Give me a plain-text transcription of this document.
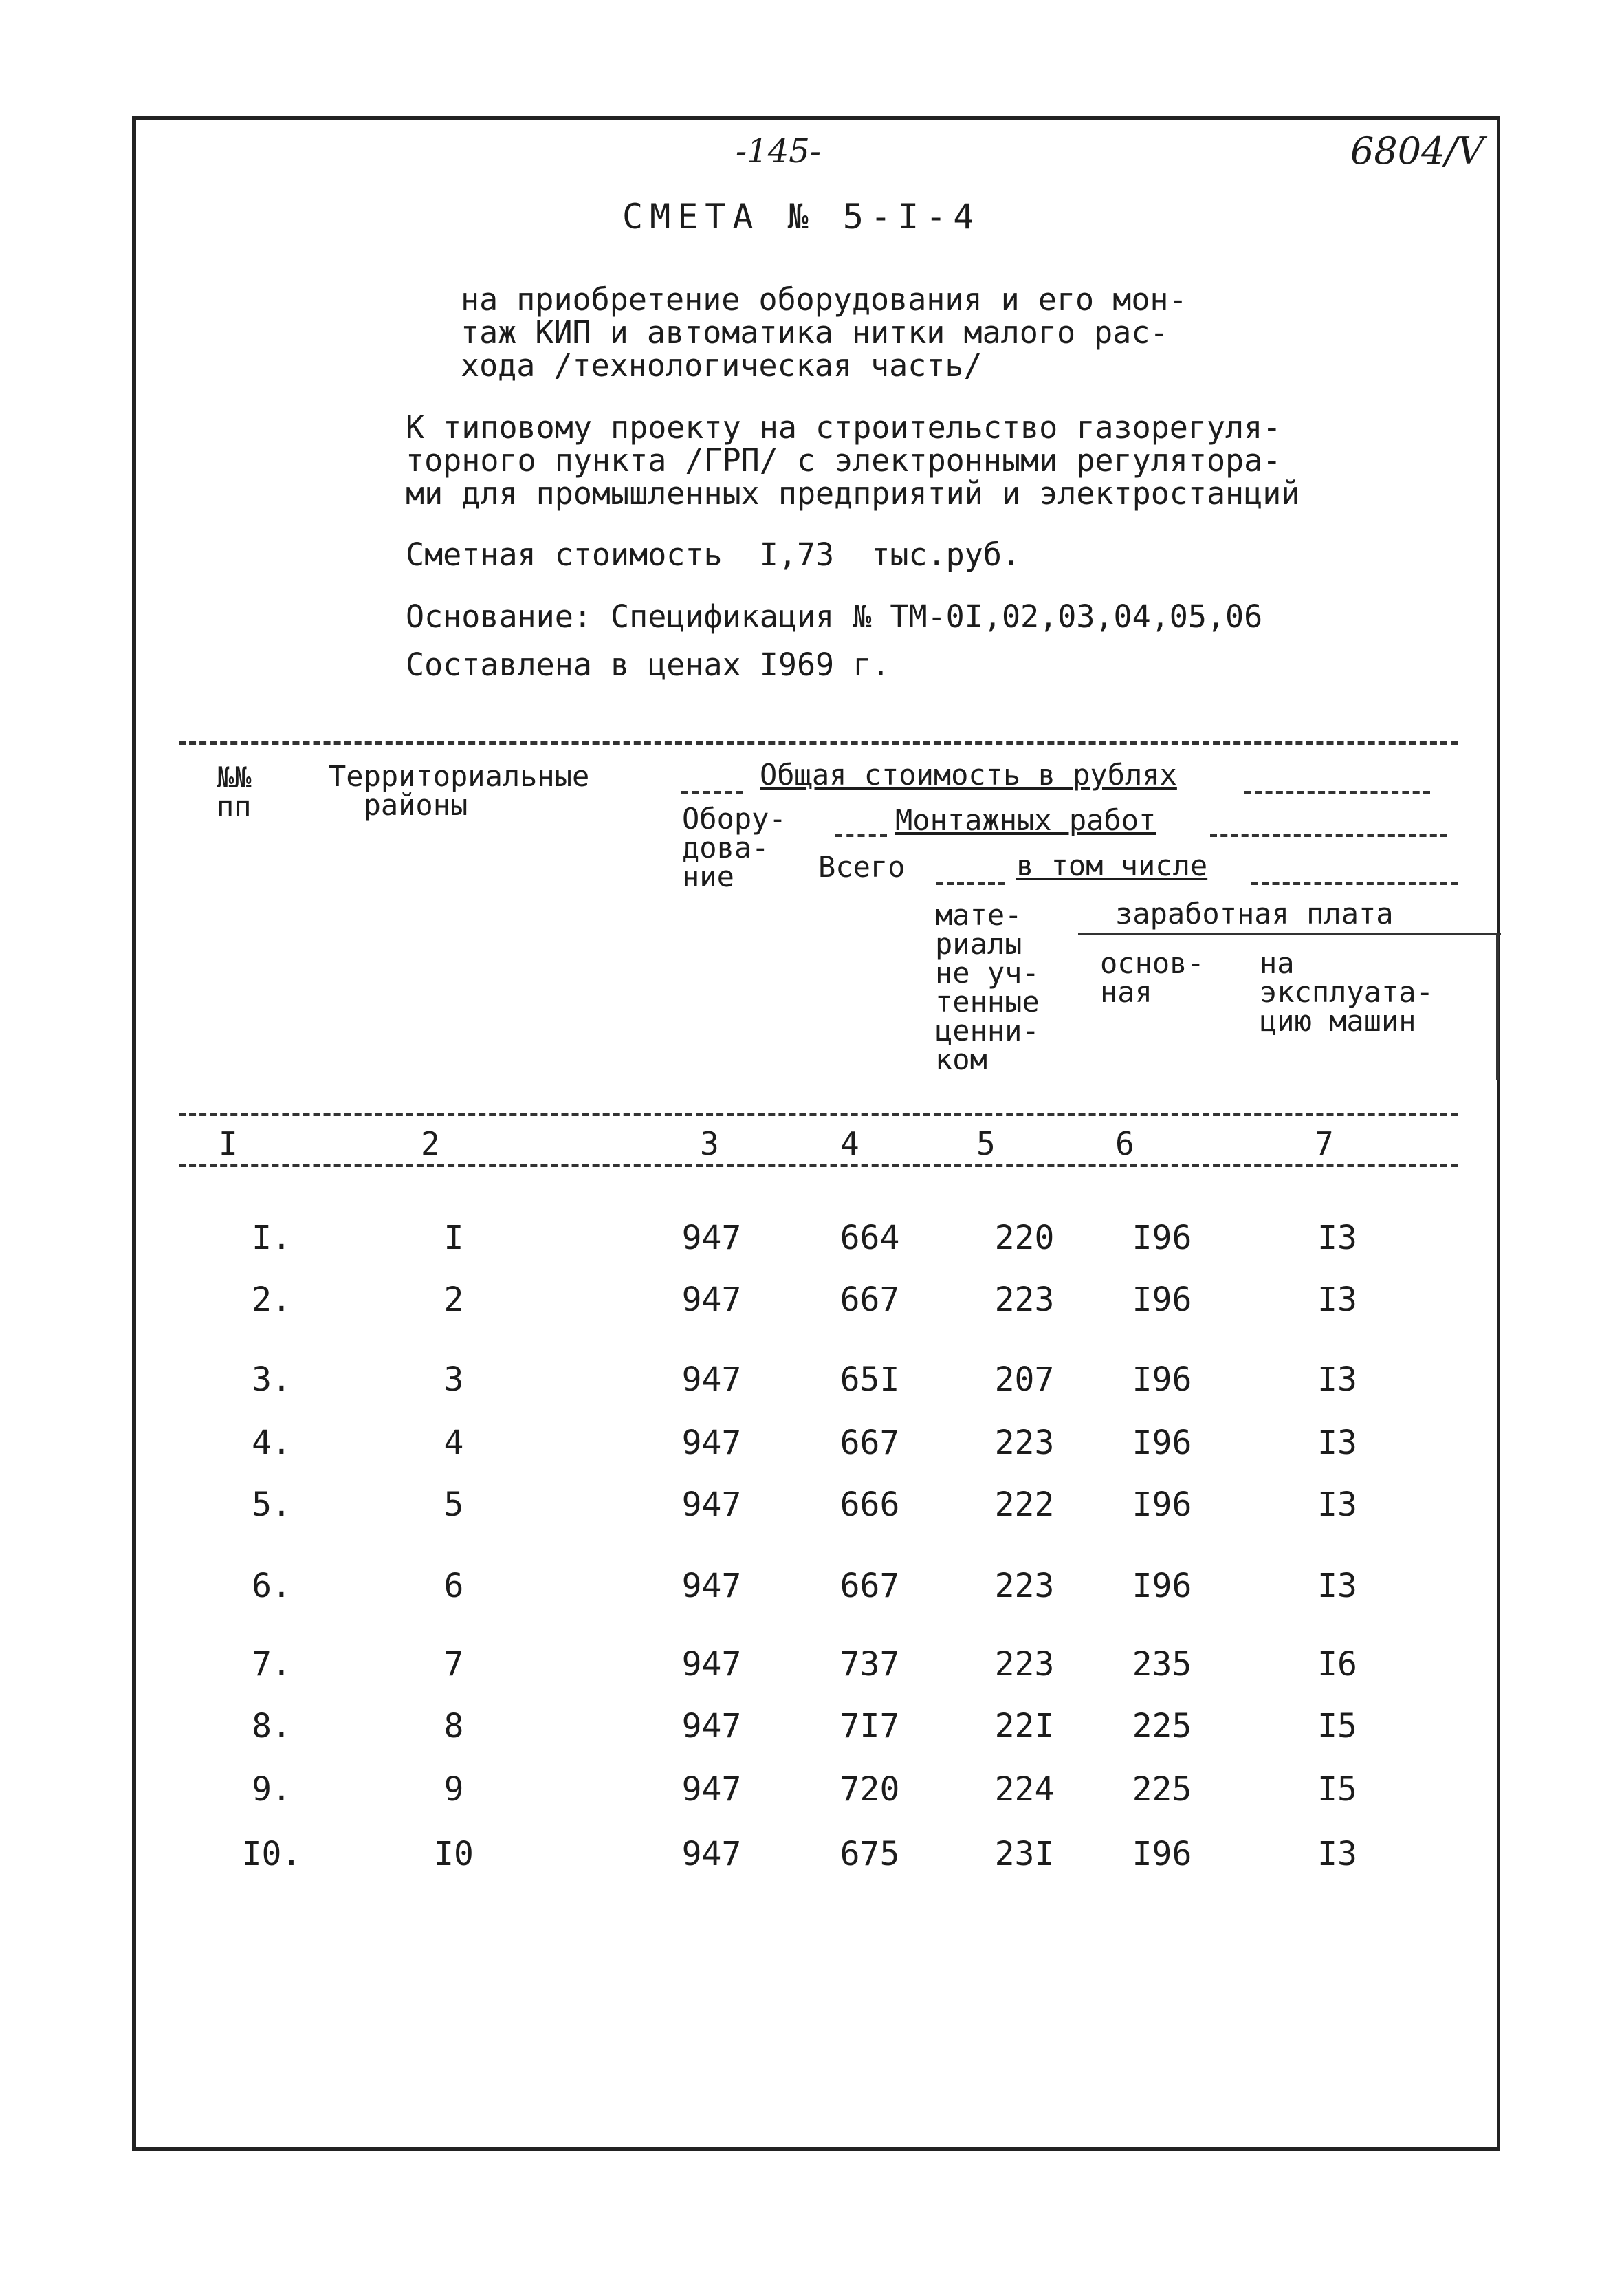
-145-	6804/V
СМЕТА № 5-I-4
на приобретение оборудования и его мон-
таж КИП и автоматика нитки малого рас-
хода /технологическая часть/
К типовому проекту на строительство газорегуля-
торного пункта /ГРП/ с электронными регулятора-
ми для промышленных предприятий и электростанций
Сметная стоимость  I,73  тыс.руб.
Основание: Спецификация № ТМ-0I,02,03,04,05,06
Составлена в ценах I969 г.
№№
пп
Территориальные
районы
Общая стоимость в рублях
Обору-
дова-
ние
Монтажных работ
Всего	в том числе
мате-
риалы
не уч-
тенные
ценни-
ком
заработная плата
основ-
ная
на
эксплуата-
цию машин
I	2	3	4	5	6	7
I.	I	947	664	220	I96	I3
2.	2	947	667	223	I96	I3
3.	3	947	65I	207	I96	I3
4.	4	947	667	223	I96	I3
5.	5	947	666	222	I96	I3
6.	6	947	667	223	I96	I3
7.	7	947	737	223	235	I6
8.	8	947	7I7	22I	225	I5
9.	9	947	720	224	225	I5
I0.	I0	947	675	23I	I96	I3
